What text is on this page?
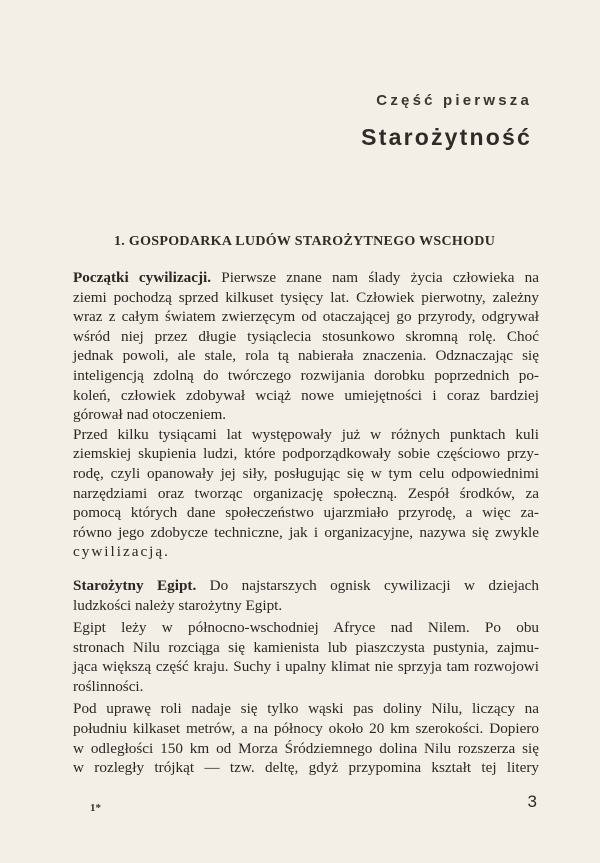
Część pierwsza
Starożytność
1. GOSPODARKA LUDÓW STAROŻYTNEGO WSCHODU
Początki cywilizacji. Pierwsze znane nam ślady życia człowieka na
ziemi pochodzą sprzed kilkuset tysięcy lat. Człowiek pierwotny, zależny
wraz z całym światem zwierzęcym od otaczającej go przyrody, odgrywał
wśród niej przez długie tysiąclecia stosunkowo skromną rolę. Choć
jednak powoli, ale stale, rola tą nabierała znaczenia. Odznaczając się
inteligencją zdolną do twórczego rozwijania dorobku poprzednich po-
koleń, człowiek zdobywał wciąż nowe umiejętności i coraz bardziej
górował nad otoczeniem.
Przed kilku tysiącami lat występowały już w różnych punktach kuli
ziemskiej skupienia ludzi, które podporządkowały sobie częściowo przy-
rodę, czyli opanowały jej siły, posługując się w tym celu odpowiednimi
narzędziami oraz tworząc organizację społeczną. Zespół środków, za
pomocą których dane społeczeństwo ujarzmiało przyrodę, a więc za-
równo jego zdobycze techniczne, jak i organizacyjne, nazywa się zwykle
cywilizacją.
Starożytny Egipt. Do najstarszych ognisk cywilizacji w dziejach
ludzkości należy starożytny Egipt.
Egipt leży w północno-wschodniej Afryce nad Nilem. Po obu
stronach Nilu rozciąga się kamienista lub piaszczysta pustynia, zajmu-
jąca większą część kraju. Suchy i upalny klimat nie sprzyja tam rozwojowi
roślinności.
Pod uprawę roli nadaje się tylko wąski pas doliny Nilu, liczący na
południu kilkaset metrów, a na północy około 20 km szerokości. Dopiero
w odległości 150 km od Morza Śródziemnego dolina Nilu rozszerza się
w rozległy trójkąt — tzw. deltę, gdyż przypomina kształt tej litery
1*	3
